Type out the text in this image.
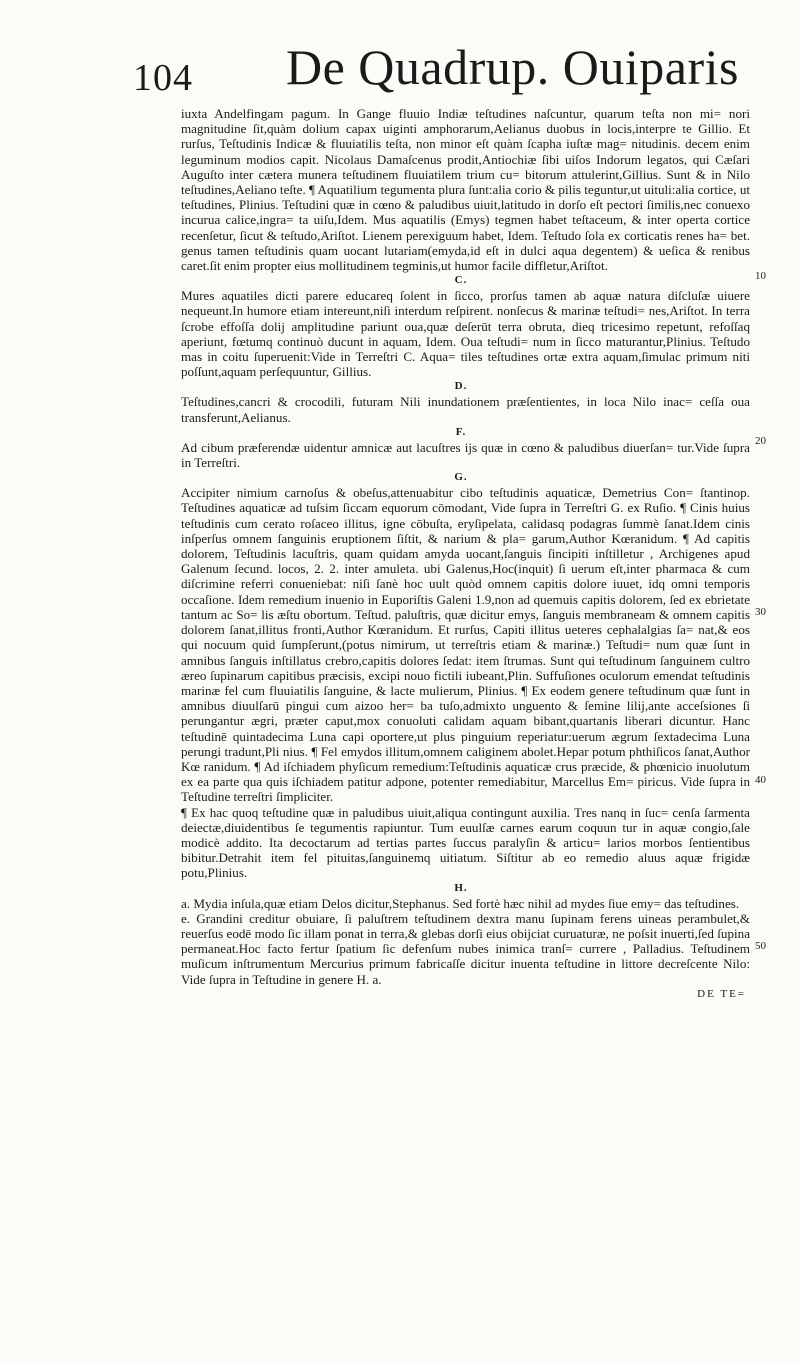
104 De Quadrup. Ouiparis

iuxta Andelfingam pagum. In Gange fluuio Indiæ teſtudines naſcuntur, quarum teſta non mi= nori magnitudine ſit,quàm dolium capax uiginti amphorarum,Aelianus duobus in locis,interpre te Gillio. Et rurſus, Teſtudinis Indicæ & fluuiatilis teſta, non minor eſt quàm ſcapha iuſtæ mag= nitudinis. decem enim leguminum modios capit. Nicolaus Damaſcenus prodit,Antiochiæ ſibi uiſos Indorum legatos, qui Cæſari Auguſto inter cætera munera teſtudinem fluuiatilem trium cu= bitorum attulerint,Gillius. Sunt & in Nilo teſtudines,Aeliano teſte. ¶ Aquatilium tegumenta plura ſunt:alia corio & pilis teguntur,ut uituli:alia cortice, ut teſtudines, Plinius. Teſtudini quæ in cœno & paludibus uiuit,latitudo in dorſo eſt pectori ſimilis,nec conuexo incurua calice,ingra= ta uiſu,Idem. Mus aquatilis (Emys) tegmen habet teſtaceum, & inter operta cortice recenſetur, ſicut & teſtudo,Ariſtot. Lienem perexiguum habet, Idem. Teſtudo ſola ex corticatis renes ha= bet. genus tamen teſtudinis quam uocant lutariam(emyda,id eſt in dulci aqua degentem) & ueſica & renibus caret.ſit enim propter eius mollitudinem tegminis,ut humor facile diffletur,Ariſtot.

C.

Mures aquatiles dicti parere educareq ſolent in ſicco, prorſus tamen ab aquæ natura diſcluſæ uiuere nequeunt.In humore etiam intereunt,niſi interdum reſpirent. nonſecus & marinæ teſtudi= nes,Ariſtot. In terra ſcrobe effoſſa dolij amplitudine pariunt oua,quæ deſerūt terra obruta, dieq tricesimo repetunt, refoſſaq aperiunt, fœtumq continuò ducunt in aquam, Idem. Oua teſtudi= num in ſicco maturantur,Plinius. Teſtudo mas in coitu ſuperuenit:Vide in Terreſtri C. Aqua= tiles teſtudines ortæ extra aquam,ſimulac primum niti poſſunt,aquam perſequuntur, Gillius.

D.

Teſtudines,cancri & crocodili, futuram Nili inundationem præſentientes, in loca Nilo inac= ceſſa oua transferunt,Aelianus.

F.

Ad cibum præferendæ uidentur amnicæ aut lacuſtres ijs quæ in cœno & paludibus diuerſan= tur.Vide ſupra in Terreſtri.

G.

Accipiter nimium carnoſus & obeſus,attenuabitur cibo teſtudinis aquaticæ, Demetrius Con= ſtantinop. Teſtudines aquaticæ ad tuſsim ſiccam equorum cōmodant, Vide ſupra in Terreſtri G. ex Ruſio. ¶ Cinis huius teſtudinis cum cerato roſaceo illitus, igne cōbuſta, eryſipelata, calidasq podagras ſummè ſanat.Idem cinis inſperſus omnem ſanguinis eruptionem ſiſtit, & narium & pla= garum,Author Kœranidum. ¶ Ad capitis dolorem, Teſtudinis lacuſtris, quam quidam amyda uocant,ſanguis ſincipiti inſtilletur , Archigenes apud Galenum ſecund. locos, 2. 2. inter amuleta. ubi Galenus,Hoc(inquit) ſi uerum eſt,inter pharmaca & cum diſcrimine referri conueniebat: niſi ſanè hoc uult quòd omnem capitis dolore iuuet, idq omni temporis occaſione. Idem remedium inuenio in Euporiſtis Galeni 1.9,non ad quemuis capitis dolorem, ſed ex ebrietate tantum ac So= lis æſtu obortum. Teſtud. paluſtris, quæ dicitur emys, ſanguis membraneam & omnem capitis dolorem ſanat,illitus fronti,Author Kœranidum. Et rurſus, Capiti illitus ueteres cephalalgias ſa= nat,& eos qui nocuum quid ſumpſerunt,(potus nimirum, ut terreſtris etiam & marinæ.) Teſtudi= num quæ ſunt in amnibus ſanguis inſtillatus crebro,capitis dolores ſedat: item ſtrumas. Sunt qui teſtudinum ſanguinem cultro æreo ſupinarum capitibus præcisis, excipi nouo fictili iubeant,Plin. Suffuſiones oculorum emendat teſtudinis marinæ fel cum fluuiatilis ſanguine, & lacte mulierum, Plinius. ¶ Ex eodem genere teſtudinum quæ ſunt in amnibus diuulſarū pingui cum aizoo her= ba tuſo,admixto unguento & ſemine lilij,ante acceſsiones ſi perungantur ægri, præter caput,mox conuoluti calidam aquam bibant,quartanis liberari dicuntur. Hanc teſtudinē quintadecima Luna capi oportere,ut plus pinguium reperiatur:uerum ægrum ſextadecima Luna perungi tradunt,Pli nius. ¶ Fel emydos illitum,omnem caliginem abolet.Hepar potum phthiſicos ſanat,Author Kœ ranidum. ¶ Ad iſchiadem phyſicum remedium:Teſtudinis aquaticæ crus præcide, & phœnicio inuolutum ex ea parte qua quis iſchiadem patitur adpone, potenter remediabitur, Marcellus Em= piricus. Vide ſupra in Teſtudine terreſtri ſimpliciter.

¶ Ex hac quoq teſtudine quæ in paludibus uiuit,aliqua contingunt auxilia. Tres nanq in ſuc= cenſa ſarmenta deiectæ,diuidentibus ſe tegumentis rapiuntur. Tum euulſæ carnes earum coquun tur in aquæ congio,ſale modicè addito. Ita decoctarum ad tertias partes ſuccus paralyſin & articu= larios morbos ſentientibus bibitur.Detrahit item fel pituitas,ſanguinemq uitiatum. Siſtitur ab eo remedio aluus aquæ frigidæ potu,Plinius.

H.

a. Mydia inſula,quæ etiam Delos dicitur,Stephanus. Sed fortè hæc nihil ad mydes ſiue emy= das teſtudines.

e. Grandini creditur obuiare, ſi paluſtrem teſtudinem dextra manu ſupinam ferens uineas perambulet,& reuerſus eodē modo ſic illam ponat in terra,& glebas dorſi eius obijciat curuaturæ, ne poſsit inuerti,ſed ſupina permaneat.Hoc facto fertur ſpatium ſic defenſum nubes inimica tranſ= currere , Palladius. Teſtudinem muſicum inſtrumentum Mercurius primum fabricaſſe dicitur inuenta teſtudine in littore decreſcente Nilo: Vide ſupra in Teſtudine in genere H. a.

DE TE=

10
20
30
40
50
